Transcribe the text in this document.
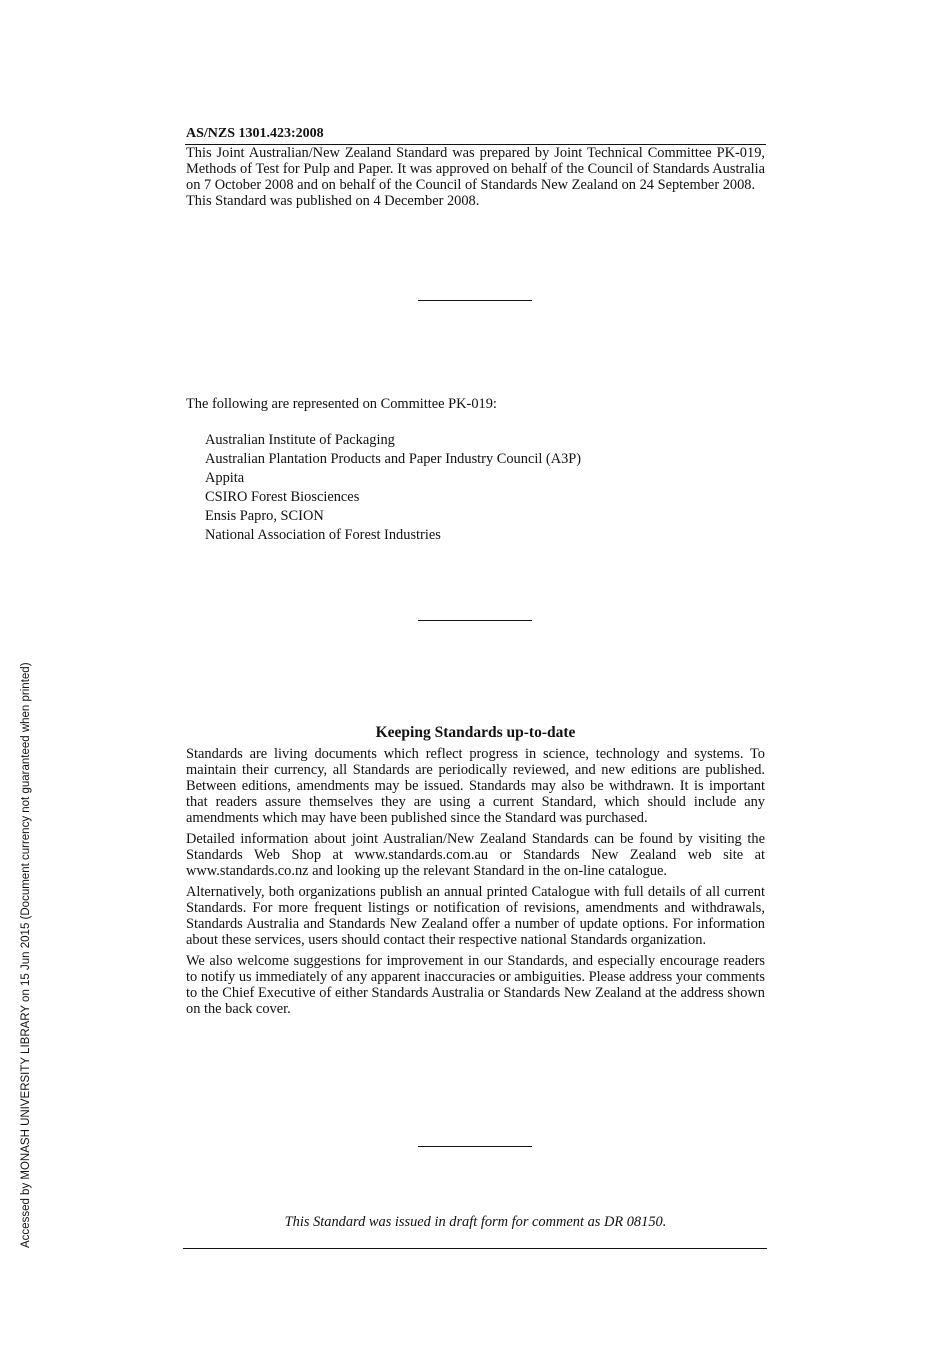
AS/NZS 1301.423:2008

This Joint Australian/New Zealand Standard was prepared by Joint Technical Committee PK-019, Methods of Test for Pulp and Paper. It was approved on behalf of the Council of Standards Australia on 7 October 2008 and on behalf of the Council of Standards New Zealand on 24 September 2008.

This Standard was published on 4 December 2008.

The following are represented on Committee PK-019:

Australian Institute of Packaging
Australian Plantation Products and Paper Industry Council (A3P)
Appita
CSIRO Forest Biosciences
Ensis Papro, SCION
National Association of Forest Industries
Keeping Standards up-to-date

Standards are living documents which reflect progress in science, technology and systems. To maintain their currency, all Standards are periodically reviewed, and new editions are published. Between editions, amendments may be issued. Standards may also be withdrawn. It is important that readers assure themselves they are using a current Standard, which should include any amendments which may have been published since the Standard was purchased.

Detailed information about joint Australian/New Zealand Standards can be found by visiting the Standards Web Shop at www.standards.com.au or Standards New Zealand web site at www.standards.co.nz and looking up the relevant Standard in the on-line catalogue.

Alternatively, both organizations publish an annual printed Catalogue with full details of all current Standards. For more frequent listings or notification of revisions, amendments and withdrawals, Standards Australia and Standards New Zealand offer a number of update options. For information about these services, users should contact their respective national Standards organization.

We also welcome suggestions for improvement in our Standards, and especially encourage readers to notify us immediately of any apparent inaccuracies or ambiguities. Please address your comments to the Chief Executive of either Standards Australia or Standards New Zealand at the address shown on the back cover.

This Standard was issued in draft form for comment as DR 08150.

Accessed by MONASH UNIVERSITY LIBRARY on 15 Jun 2015 (Document currency not guaranteed when printed)
